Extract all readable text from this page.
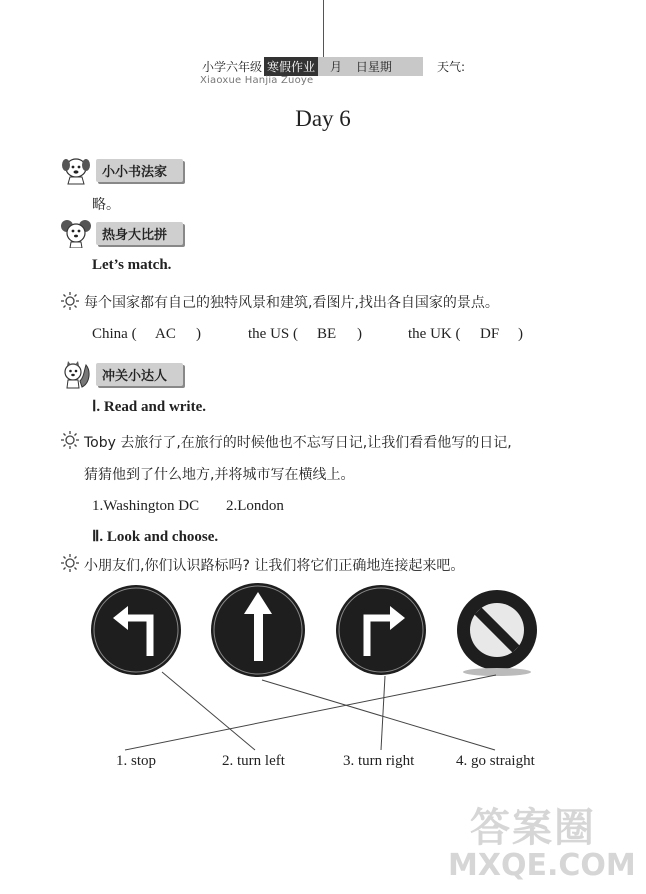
小学六年级 寒假作业	月 日星期	天气:
Xiaoxue Hanjia Zuoye
Day 6
小小书法家
略。
热身大比拼
Let’s match.
每个国家都有自己的独特风景和建筑,看图片,找出各自国家的景点。
China ( AC )	the US ( BE )	the UK ( DF )
冲关小达人
Ⅰ. Read and write.
Toby 去旅行了,在旅行的时候他也不忘写日记,让我们看看他写的日记,
猜猜他到了什么地方,并将城市写在横线上。
1.Washington DC 2.London
Ⅱ. Look and choose.
小朋友们,你们认识路标吗? 让我们将它们正确地连接起来吧。
1. stop	2. turn left	3. turn right	4. go straight
答案圈
MXQE.COM
